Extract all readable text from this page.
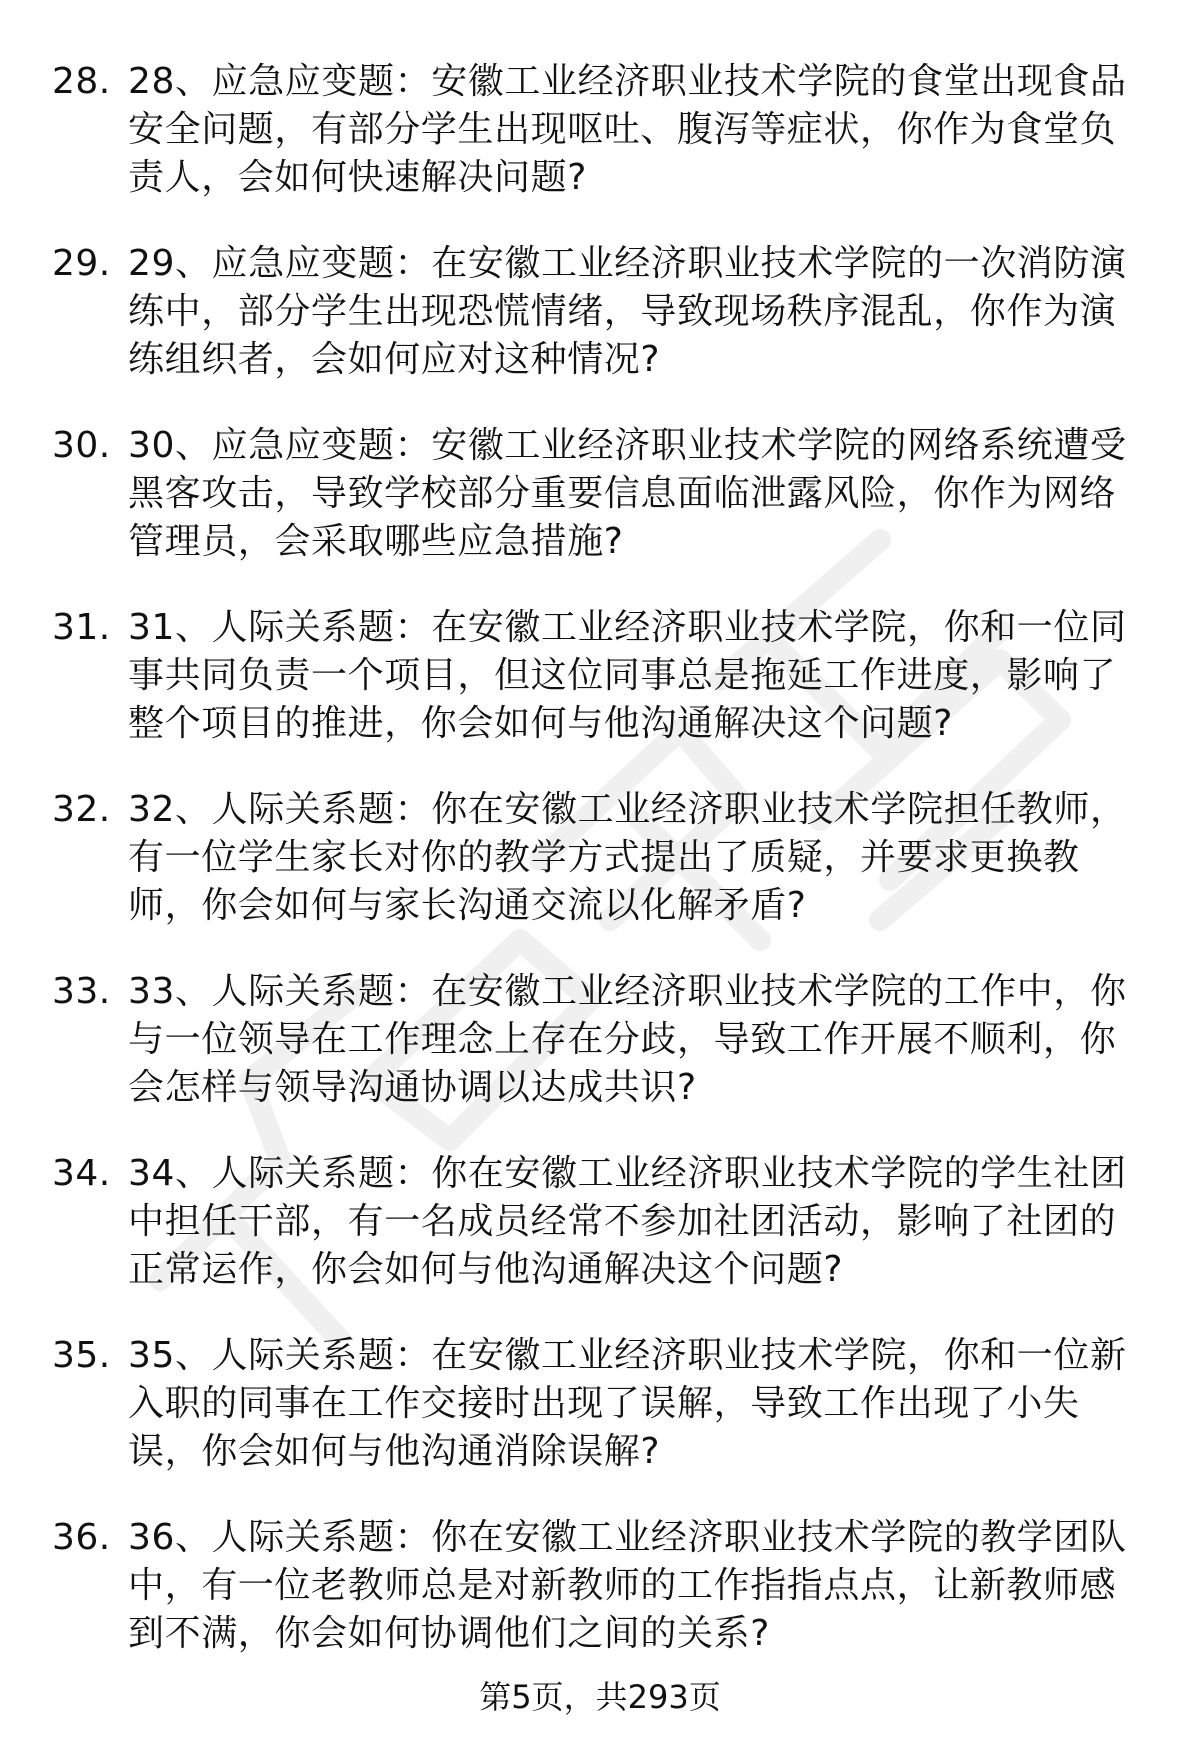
28. 28、应急应变题：安徽工业经济职业技术学院的食堂出现食品安全问题，有部分学生出现呕吐、腹泻等症状，你作为食堂负责人，会如何快速解决问题?
29. 29、应急应变题：在安徽工业经济职业技术学院的一次消防演练中，部分学生出现恐慌情绪，导致现场秩序混乱，你作为演练组织者，会如何应对这种情况?
30. 30、应急应变题：安徽工业经济职业技术学院的网络系统遭受黑客攻击，导致学校部分重要信息面临泄露风险，你作为网络管理员，会采取哪些应急措施?
31. 31、人际关系题：在安徽工业经济职业技术学院，你和一位同事共同负责一个项目，但这位同事总是拖延工作进度，影响了整个项目的推进，你会如何与他沟通解决这个问题?
32. 32、人际关系题：你在安徽工业经济职业技术学院担任教师，有一位学生家长对你的教学方式提出了质疑，并要求更换教师，你会如何与家长沟通交流以化解矛盾?
33. 33、人际关系题：在安徽工业经济职业技术学院的工作中，你与一位领导在工作理念上存在分歧，导致工作开展不顺利，你会怎样与领导沟通协调以达成共识?
34. 34、人际关系题：你在安徽工业经济职业技术学院的学生社团中担任干部，有一名成员经常不参加社团活动，影响了社团的正常运作，你会如何与他沟通解决这个问题?
35. 35、人际关系题：在安徽工业经济职业技术学院，你和一位新入职的同事在工作交接时出现了误解，导致工作出现了小失误，你会如何与他沟通消除误解?
36. 36、人际关系题：你在安徽工业经济职业技术学院的教学团队中，有一位老教师总是对新教师的工作指指点点，让新教师感到不满，你会如何协调他们之间的关系?
第5页，共293页
